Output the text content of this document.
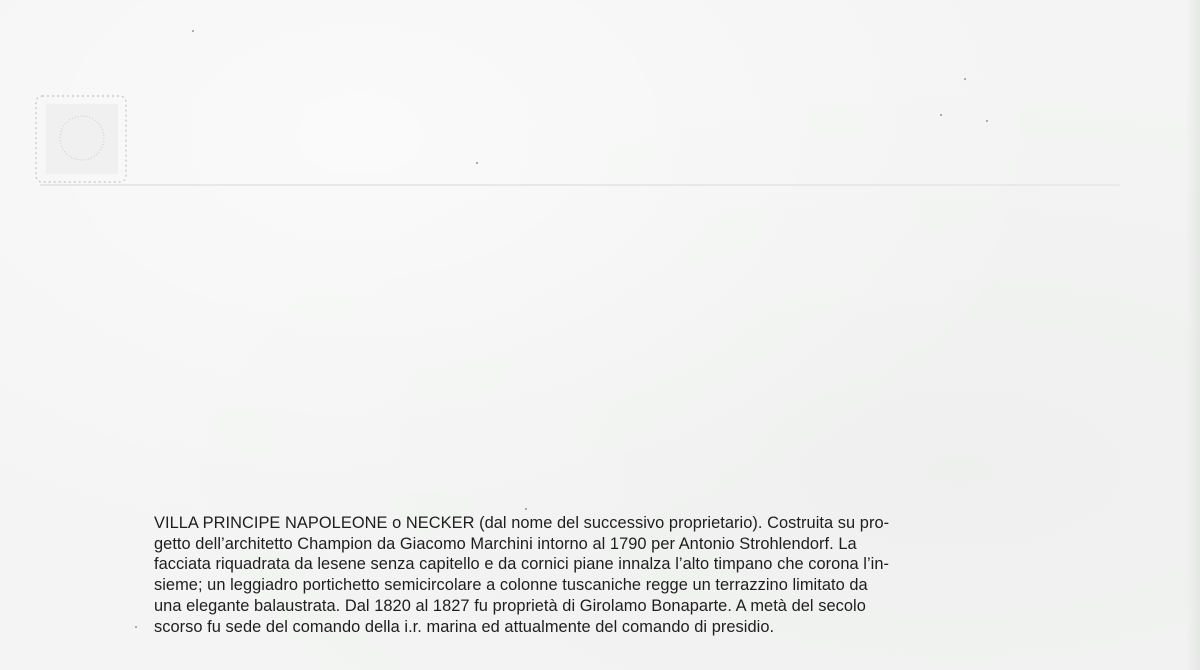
VILLA PRINCIPE NAPOLEONE o NECKER (dal nome del successivo proprietario). Costruita su pro-
getto dell’architetto Champion da Giacomo Marchini intorno al 1790 per Antonio Strohlendorf. La
facciata riquadrata da lesene senza capitello e da cornici piane innalza l’alto timpano che corona l’in-
sieme; un leggiadro portichetto semicircolare a colonne tuscaniche regge un terrazzino limitato da
una elegante balaustrata. Dal 1820 al 1827 fu proprietà di Girolamo Bonaparte. A metà del secolo
scorso fu sede del comando della i.r. marina ed attualmente del comando di presidio.
